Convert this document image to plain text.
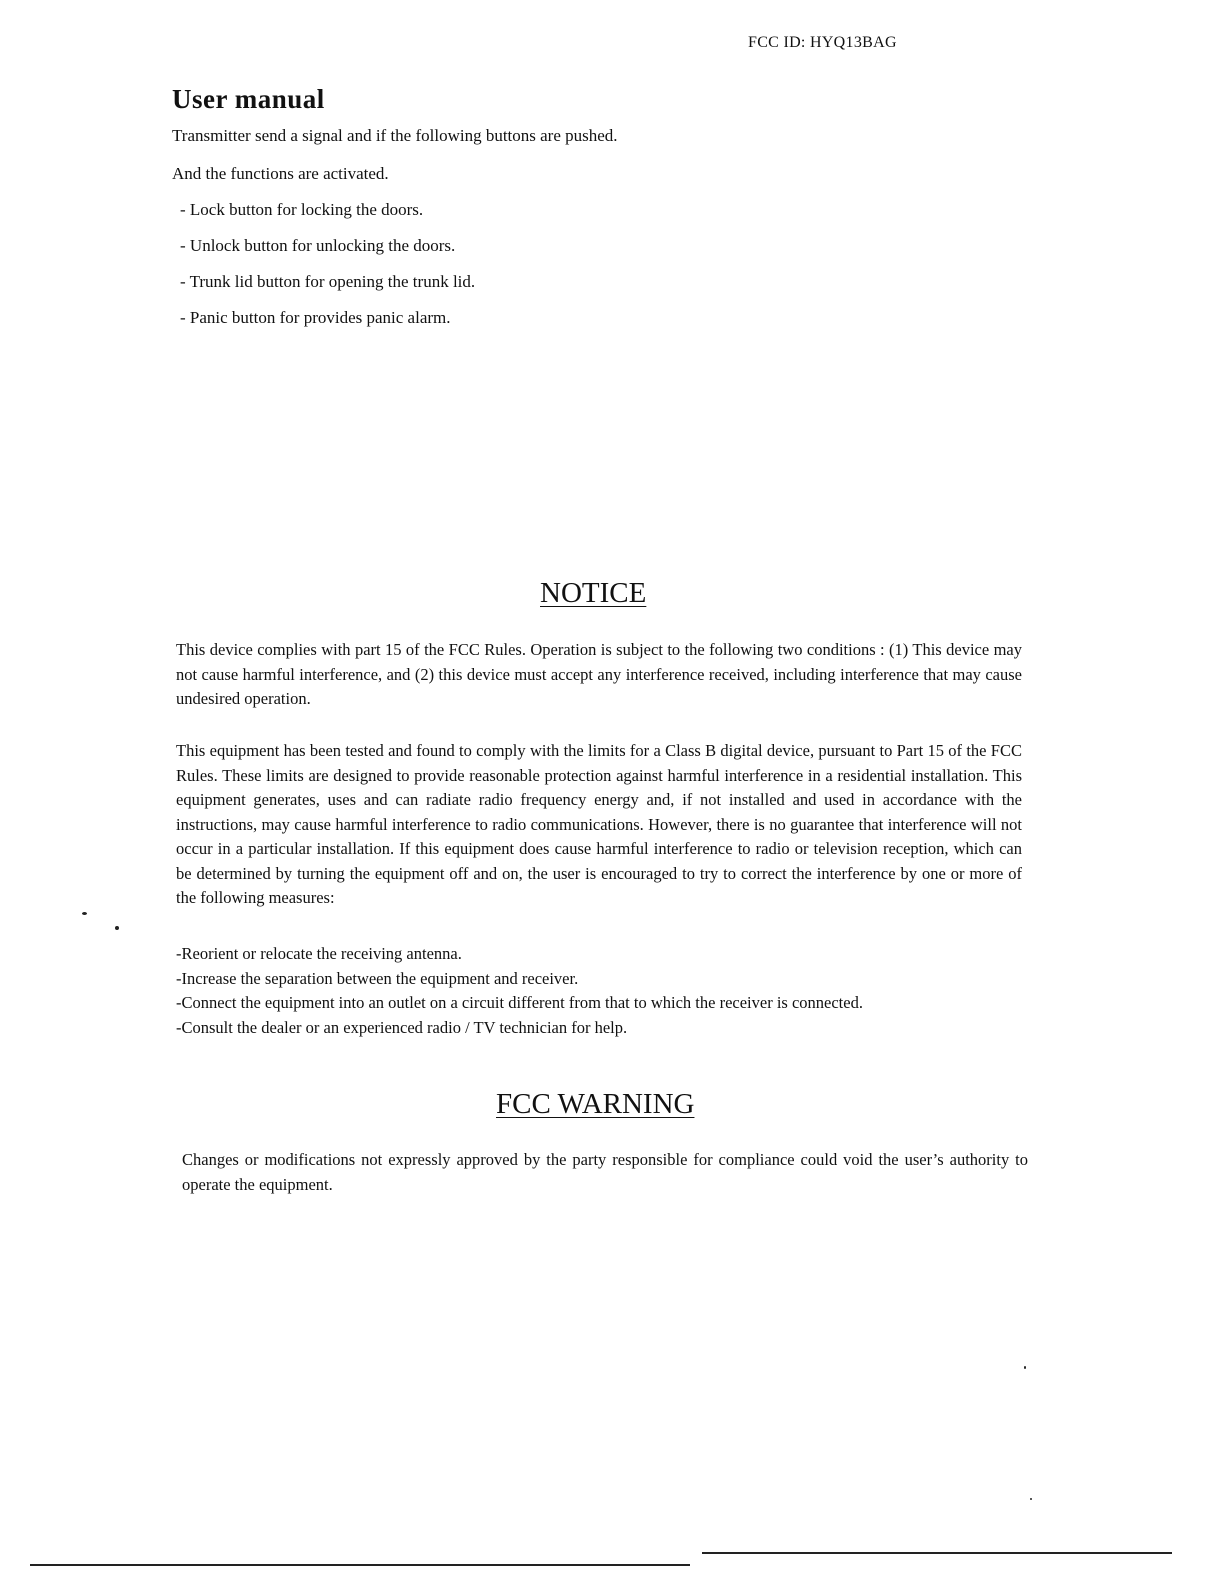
FCC ID: HYQ13BAG
User manual

Transmitter send a signal and if the following buttons are pushed.

And the functions are activated.

- Lock button for locking the doors.
- Unlock button for unlocking the doors.
- Trunk lid button for opening the trunk lid.
- Panic button for provides panic alarm.
NOTICE

This device complies with part 15 of the FCC Rules. Operation is subject to the following two conditions : (1) This device may not cause harmful interference, and (2) this device must accept any interference received, including interference that may cause undesired operation.

This equipment has been tested and found to comply with the limits for a Class B digital device, pursuant to Part 15 of the FCC Rules. These limits are designed to provide reasonable protection against harmful interference in a residential installation. This equipment generates, uses and can radiate radio frequency energy and, if not installed and used in accordance with the instructions, may cause harmful interference to radio communications. However, there is no guarantee that interference will not occur in a particular installation. If this equipment does cause harmful interference to radio or television reception, which can be determined by turning the equipment off and on, the user is encouraged to try to correct the interference by one or more of the following measures:

-Reorient or relocate the receiving antenna.
-Increase the separation between the equipment and receiver.
-Connect the equipment into an outlet on a circuit different from that to which the receiver is connected.
-Consult the dealer or an experienced radio / TV technician for help.
FCC WARNING

Changes or modifications not expressly approved by the party responsible for compliance could void the user’s authority to operate the equipment.
